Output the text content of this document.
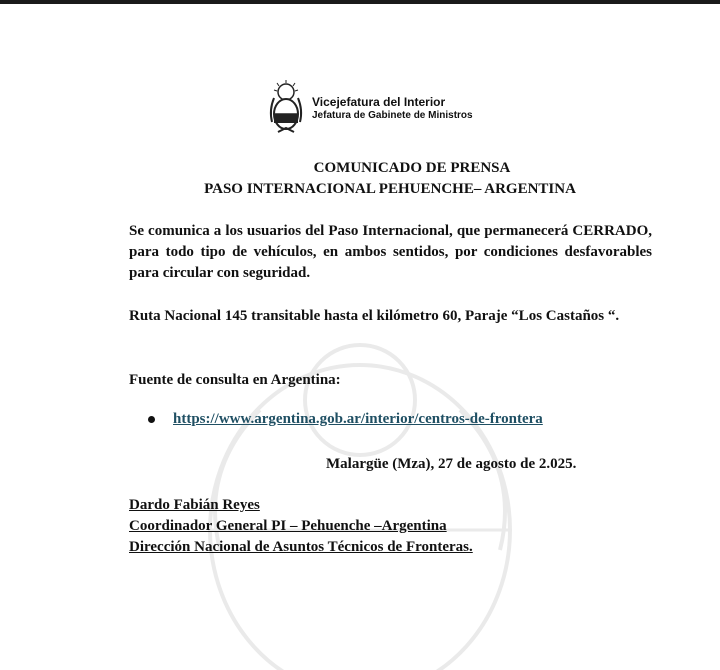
Vicejefatura del Interior
Jefatura de Gabinete de Ministros
COMUNICADO DE PRENSA
PASO INTERNACIONAL PEHUENCHE– ARGENTINA
Se comunica a los usuarios del Paso Internacional, que permanecerá CERRADO, para todo tipo de vehículos, en ambos sentidos, por condiciones desfavorables para circular con seguridad.
Ruta Nacional 145 transitable hasta el kilómetro 60, Paraje “Los Castaños “.
Fuente de consulta en Argentina:
https://www.argentina.gob.ar/interior/centros-de-frontera
Malargüe (Mza), 27 de agosto de 2.025.
Dardo Fabián Reyes
Coordinador General PI – Pehuenche –Argentina
Dirección Nacional de Asuntos Técnicos de Fronteras.
